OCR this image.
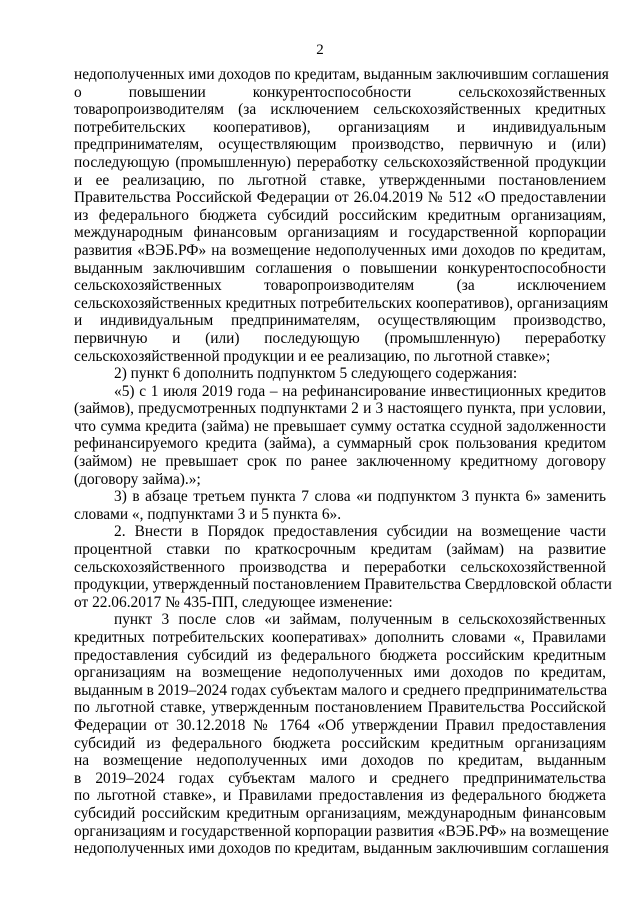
2
недополученных ими доходов по кредитам, выданным заключившим соглашения
о повышении конкурентоспособности сельскохозяйственных
товаропроизводителям (за исключением сельскохозяйственных кредитных
потребительских кооперативов), организациям и индивидуальным
предпринимателям, осуществляющим производство, первичную и (или)
последующую (промышленную) переработку сельскохозяйственной продукции
и ее реализацию, по льготной ставке, утвержденными постановлением
Правительства Российской Федерации от 26.04.2019 № 512 «О предоставлении
из федерального бюджета субсидий российским кредитным организациям,
международным финансовым организациям и государственной корпорации
развития «ВЭБ.РФ» на возмещение недополученных ими доходов по кредитам,
выданным заключившим соглашения о повышении конкурентоспособности
сельскохозяйственных товаропроизводителям (за исключением
сельскохозяйственных кредитных потребительских кооперативов), организациям
и индивидуальным предпринимателям, осуществляющим производство,
первичную и (или) последующую (промышленную) переработку
сельскохозяйственной продукции и ее реализацию, по льготной ставке»;
2) пункт 6 дополнить подпунктом 5 следующего содержания:
«5) с 1 июля 2019 года – на рефинансирование инвестиционных кредитов
(займов), предусмотренных подпунктами 2 и 3 настоящего пункта, при условии,
что сумма кредита (займа) не превышает сумму остатка ссудной задолженности
рефинансируемого кредита (займа), а суммарный срок пользования кредитом
(займом) не превышает срок по ранее заключенному кредитному договору
(договору займа).»;
3) в абзаце третьем пункта 7 слова «и подпунктом 3 пункта 6» заменить
словами «, подпунктами 3 и 5 пункта 6».
2. Внести в Порядок предоставления субсидии на возмещение части
процентной ставки по краткосрочным кредитам (займам) на развитие
сельскохозяйственного производства и переработки сельскохозяйственной
продукции, утвержденный постановлением Правительства Свердловской области
от 22.06.2017 № 435-ПП, следующее изменение:
пункт 3 после слов «и займам, полученным в сельскохозяйственных
кредитных потребительских кооперативах» дополнить словами «, Правилами
предоставления субсидий из федерального бюджета российским кредитным
организациям на возмещение недополученных ими доходов по кредитам,
выданным в 2019–2024 годах субъектам малого и среднего предпринимательства
по льготной ставке, утвержденным постановлением Правительства Российской
Федерации от 30.12.2018 № 1764 «Об утверждении Правил предоставления
субсидий из федерального бюджета российским кредитным организациям
на возмещение недополученных ими доходов по кредитам, выданным
в 2019–2024 годах субъектам малого и среднего предпринимательства
по льготной ставке», и Правилами предоставления из федерального бюджета
субсидий российским кредитным организациям, международным финансовым
организациям и государственной корпорации развития «ВЭБ.РФ» на возмещение
недополученных ими доходов по кредитам, выданным заключившим соглашения
